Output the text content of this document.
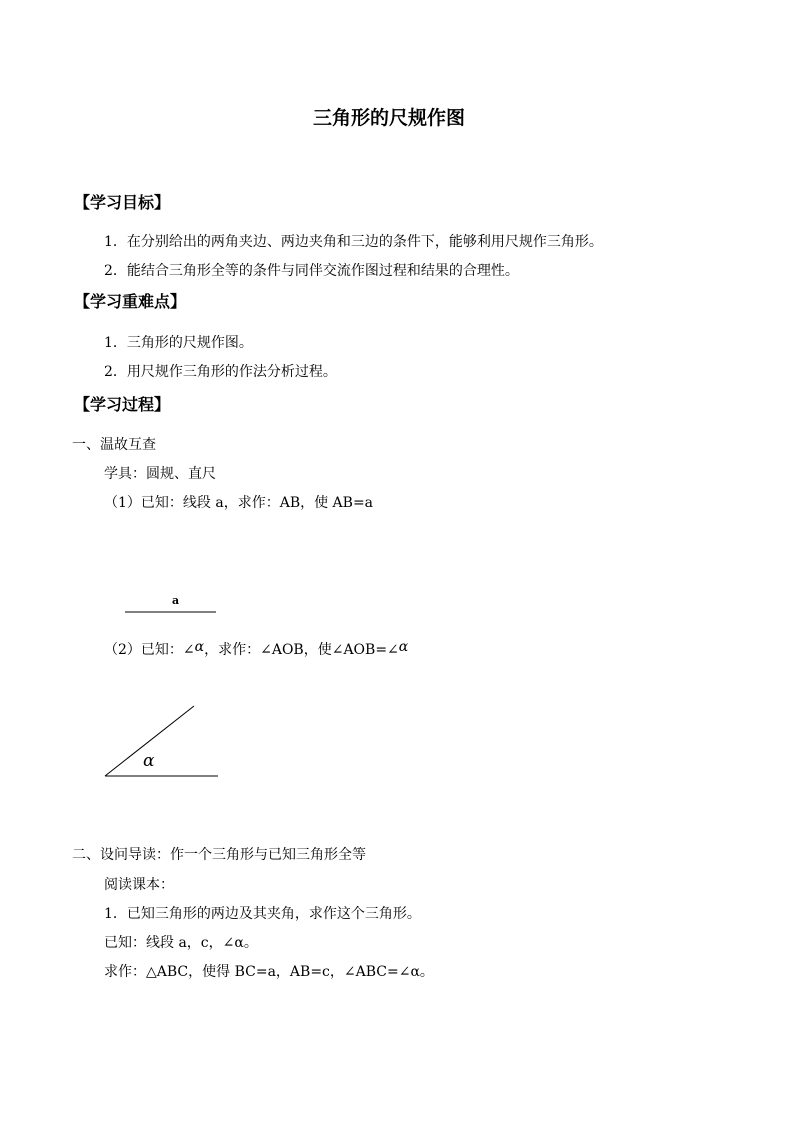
三角形的尺规作图
【学习目标】
1．在分别给出的两角夹边、两边夹角和三边的条件下，能够利用尺规作三角形。
2．能结合三角形全等的条件与同伴交流作图过程和结果的合理性。
【学习重难点】
1．三角形的尺规作图。
2．用尺规作三角形的作法分析过程。
【学习过程】
一、温故互查
学具：圆规、直尺
（1）已知：线段 a，求作：AB，使 AB=a
a
（2）已知：∠α，求作：∠AOB，使∠AOB=∠α
α
二、设问导读：作一个三角形与已知三角形全等
阅读课本：
1．已知三角形的两边及其夹角，求作这个三角形。
已知：线段 a，c，∠α。
求作：△ABC，使得 BC=a，AB=c，∠ABC=∠α。
